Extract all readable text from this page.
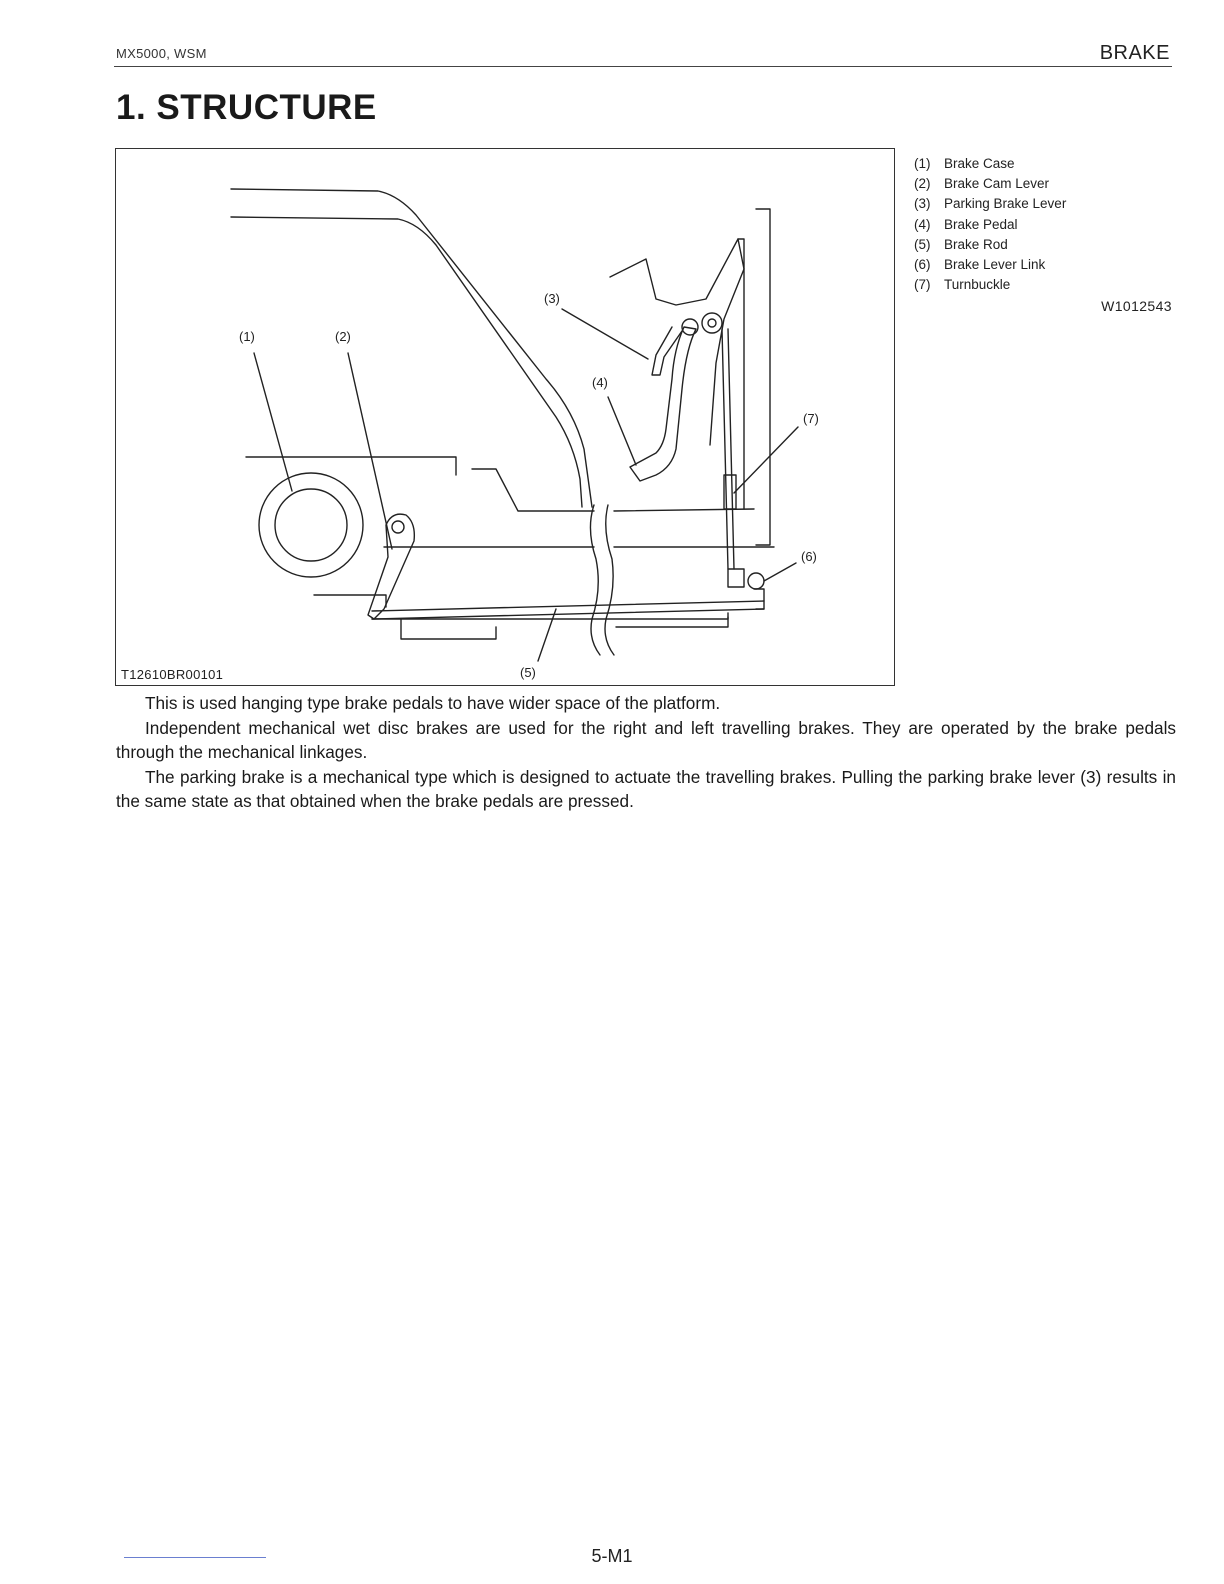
MX5000, WSM	BRAKE
1. STRUCTURE
(1)	(2)
(3)
(4)
(5)
(6)
(7)
T12610BR00101
(1) Brake Case
(2) Brake Cam Lever
(3) Parking Brake Lever
(4) Brake Pedal
(5) Brake Rod
(6) Brake Lever Link
(7) Turnbuckle
W1012543

This is used hanging type brake pedals to have wider space of the platform.

Independent mechanical wet disc brakes are used for the right and left travelling brakes. They are operated by the brake pedals through the mechanical linkages.

The parking brake is a mechanical type which is designed to actuate the travelling brakes. Pulling the parking brake lever (3) results in the same state as that obtained when the brake pedals are pressed.

5-M1
